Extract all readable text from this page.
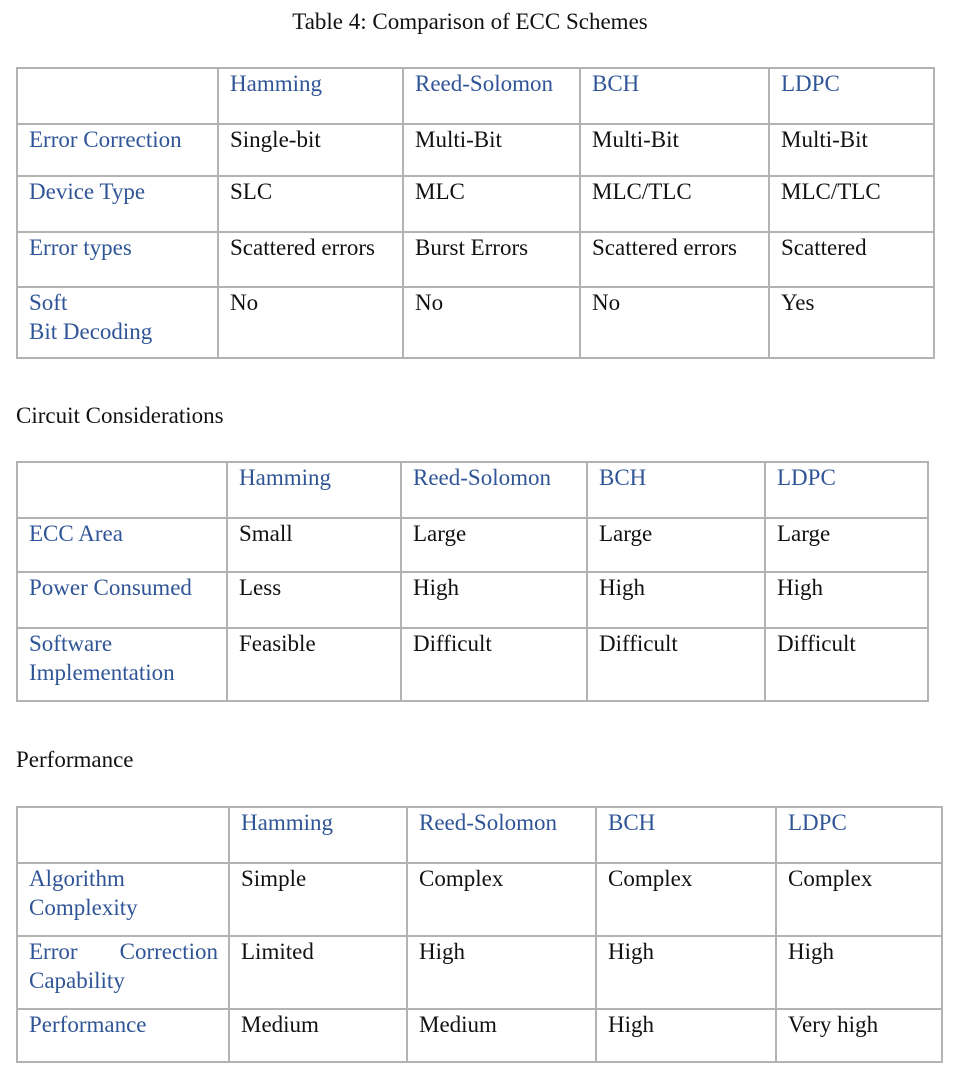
Table 4: Comparison of ECC Schemes
	Hamming	Reed-Solomon	BCH	LDPC
Error Correction	Single-bit	Multi-Bit	Multi-Bit	Multi-Bit
Device Type	SLC	MLC	MLC/TLC	MLC/TLC
Error types	Scattered errors	Burst Errors	Scattered errors	Scattered

Soft
Bit Decoding	No	No	No	Yes
Circuit Considerations
	Hamming	Reed-Solomon	BCH	LDPC
ECC Area	Small	Large	Large	Large
Power Consumed	Less	High	High	High

Software
Implementation	Feasible	Difficult	Difficult	Difficult
Performance
	Hamming	Reed-Solomon	BCH	LDPC

Algorithm
Complexity	Simple	Complex	Complex	Complex

Error Correction
Capability	Limited	High	High	High
Performance	Medium	Medium	High	Very high
